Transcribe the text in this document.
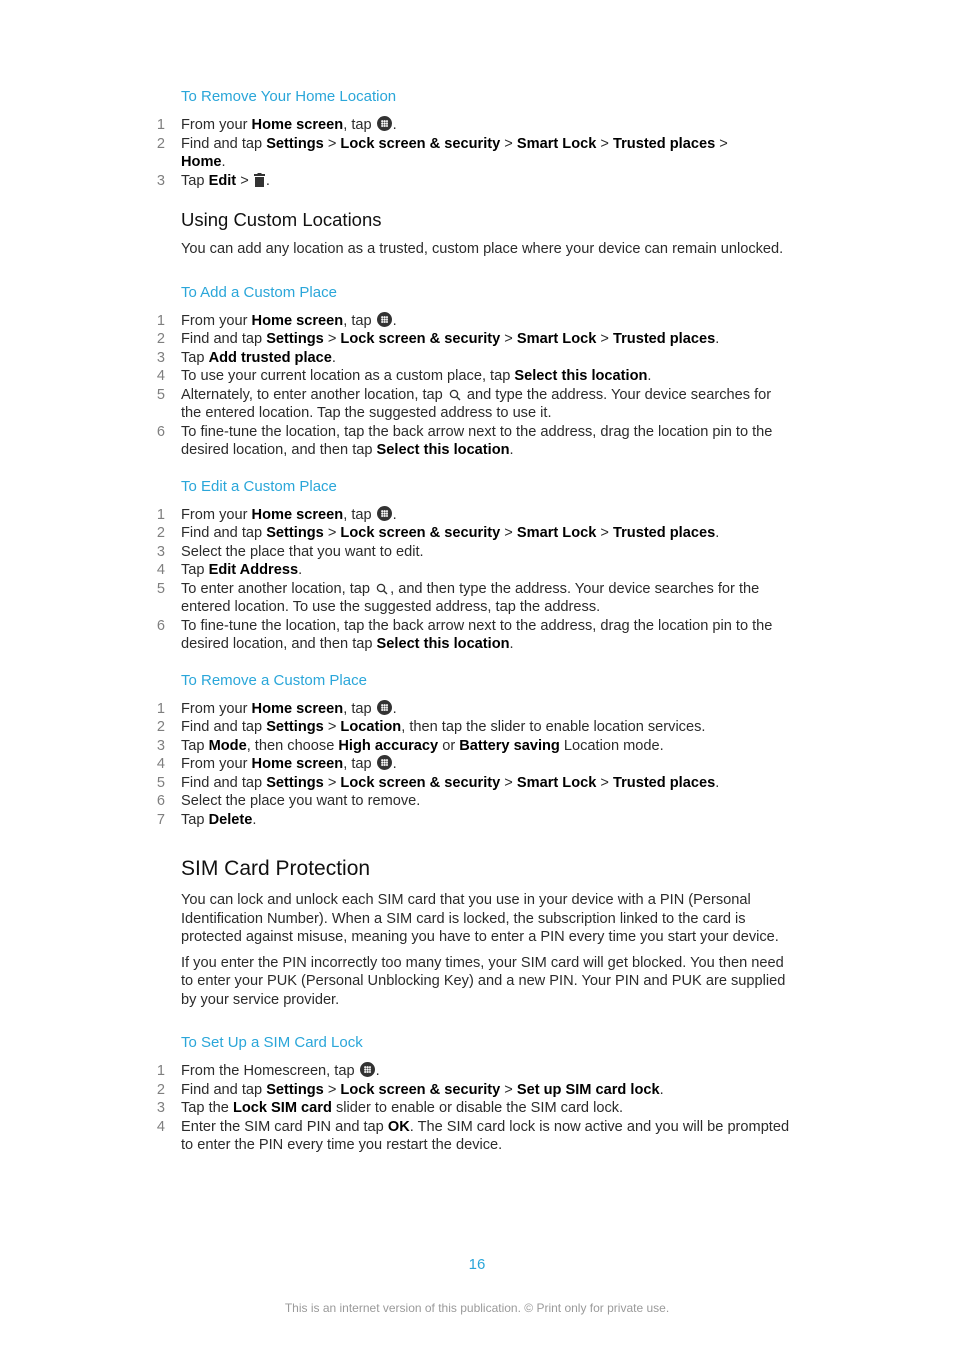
To Remove Your Home Location
1 From your Home screen, tap .
2 Find and tap Settings > Lock screen & security > Smart Lock > Trusted places >
Home.
3 Tap Edit > .
Using Custom Locations

You can add any location as a trusted, custom place where your device can remain unlocked.

To Add a Custom Place
1 From your Home screen, tap .
2 Find and tap Settings > Lock screen & security > Smart Lock > Trusted places.
3 Tap Add trusted place.
4 To use your current location as a custom place, tap Select this location.
5 Alternately, to enter another location, tap  and type the address. Your device searches for the entered location. Tap the suggested address to use it.
6 To fine-tune the location, tap the back arrow next to the address, drag the location pin to the desired location, and then tap Select this location.
To Edit a Custom Place
1 From your Home screen, tap .
2 Find and tap Settings > Lock screen & security > Smart Lock > Trusted places.
3 Select the place that you want to edit.
4 Tap Edit Address.
5 To enter another location, tap , and then type the address. Your device searches for the entered location. To use the suggested address, tap the address.
6 To fine-tune the location, tap the back arrow next to the address, drag the location pin to the desired location, and then tap Select this location.
To Remove a Custom Place
1 From your Home screen, tap .
2 Find and tap Settings > Location, then tap the slider to enable location services.
3 Tap Mode, then choose High accuracy or Battery saving Location mode.
4 From your Home screen, tap .
5 Find and tap Settings > Lock screen & security > Smart Lock > Trusted places.
6 Select the place you want to remove.
7 Tap Delete.
SIM Card Protection

You can lock and unlock each SIM card that you use in your device with a PIN (Personal Identification Number). When a SIM card is locked, the subscription linked to the card is protected against misuse, meaning you have to enter a PIN every time you start your device.

If you enter the PIN incorrectly too many times, your SIM card will get blocked. You then need to enter your PUK (Personal Unblocking Key) and a new PIN. Your PIN and PUK are supplied by your service provider.

To Set Up a SIM Card Lock
1 From the Homescreen, tap .
2 Find and tap Settings > Lock screen & security > Set up SIM card lock.
3 Tap the Lock SIM card slider to enable or disable the SIM card lock.
4 Enter the SIM card PIN and tap OK. The SIM card lock is now active and you will be prompted to enter the PIN every time you restart the device.
16
This is an internet version of this publication. © Print only for private use.
